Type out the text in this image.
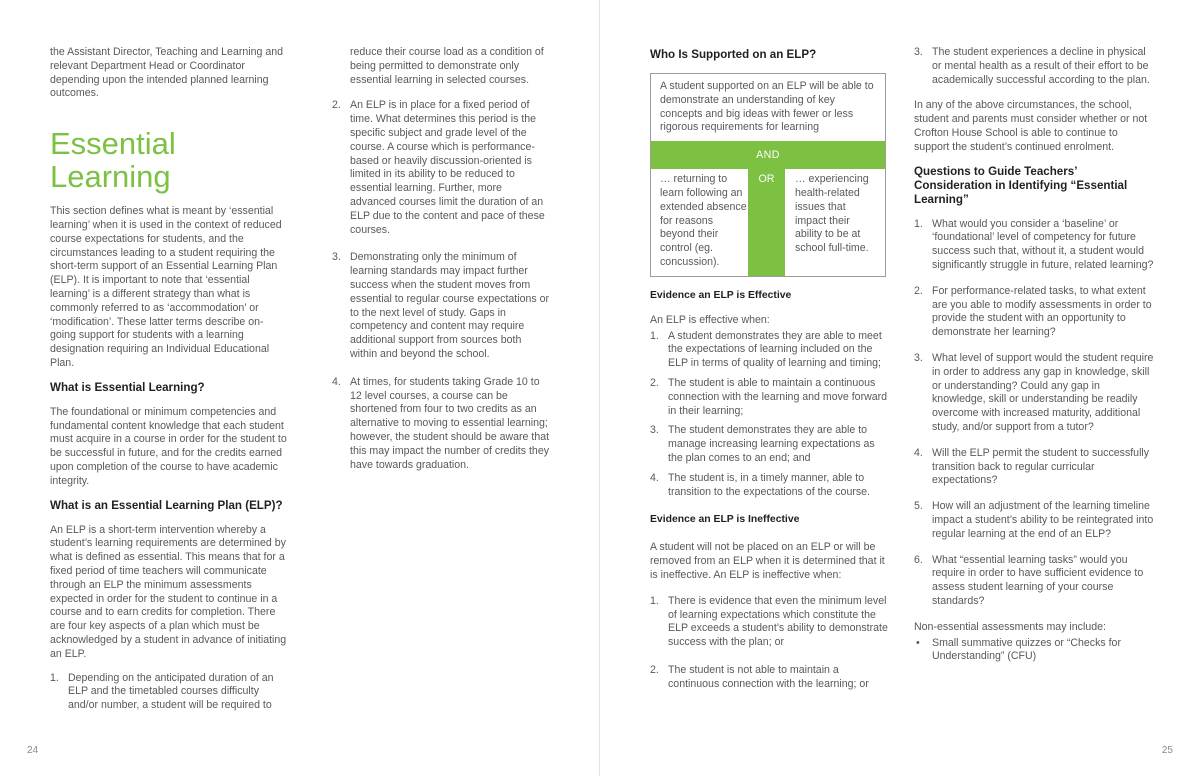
the Assistant Director, Teaching and Learning and relevant Department Head or Coordinator depending upon the intended planned learning outcomes.

Essential
Learning

This section defines what is meant by ‘essential learning’ when it is used in the context of reduced course expectations for students, and the circumstances leading to a student requiring the short-term support of an Essential Learning Plan (ELP). It is important to note that ‘essential learning’ is a different strategy than what is commonly referred to as ‘accommodation’ or ‘modification’. These latter terms describe on-going support for students with a learning designation requiring an Individual Educational Plan.

What is Essential Learning?

The foundational or minimum competencies and fundamental content knowledge that each student must acquire in a course in order for the student to be successful in future, and for the credits earned upon completion of the course to have academic integrity.

What is an Essential Learning Plan (ELP)?

An ELP is a short-term intervention whereby a student’s learning requirements are determined by what is defined as essential. This means that for a fixed period of time teachers will communicate through an ELP the minimum assessments expected in order for the student to continue in a course and to earn credits for completion. There are four key aspects of a plan which must be acknowledged by a student in advance of initiating an ELP.

1. Depending on the anticipated duration of an ELP and the timetabled courses difficulty and/or number, a student will be required to

reduce their course load as a condition of being permitted to demonstrate only essential learning in selected courses.

2. An ELP is in place for a fixed period of time. What determines this period is the specific subject and grade level of the course. A course which is performance-based or heavily discussion-oriented is limited in its ability to be reduced to essential learning. Further, more advanced courses limit the duration of an ELP due to the content and pace of these courses.
3. Demonstrating only the minimum of learning standards may impact further success when the student moves from essential to regular course expectations or to the next level of study. Gaps in competency and content may require additional support from sources both within and beyond the school.
4. At times, for students taking Grade 10 to 12 level courses, a course can be shortened from four to two credits as an alternative to moving to essential learning; however, the student should be aware that this may impact the number of credits they have towards graduation.
24
Who Is Supported on an ELP?
A student supported on an ELP will be able to demonstrate an understanding of key concepts and big ideas with fewer or less rigorous requirements for learning
AND
… returning to learn following an extended absence for reasons beyond their control (eg. concussion).
OR	… experiencing health-related issues that impact their ability to be at school full-time.
Evidence an ELP is Effective

An ELP is effective when:

1. A student demonstrates they are able to meet the expectations of learning included on the ELP in terms of quality of learning and timing;
2. The student is able to maintain a continuous connection with the learning and move forward in their learning;
3. The student demonstrates they are able to manage increasing learning expectations as the plan comes to an end; and
4. The student is, in a timely manner, able to transition to the expectations of the course.
Evidence an ELP is Ineffective

A student will not be placed on an ELP or will be removed from an ELP when it is determined that it is ineffective. An ELP is ineffective when:

1. There is evidence that even the minimum level of learning expectations which constitute the ELP exceeds a student’s ability to demonstrate success with the plan; or
2. The student is not able to maintain a continuous connection with the learning; or
3. The student experiences a decline in physical or mental health as a result of their effort to be academically successful according to the plan.

In any of the above circumstances, the school, student and parents must consider whether or not Crofton House School is able to continue to support the student’s continued enrolment.

Questions to Guide Teachers’ Consideration in Identifying “Essential Learning”
1. What would you consider a ‘baseline’ or ‘foundational’ level of competency for future success such that, without it, a student would significantly struggle in future, related learning?
2. For performance-related tasks, to what extent are you able to modify assessments in order to provide the student with an opportunity to demonstrate her learning?
3. What level of support would the student require in order to address any gap in knowledge, skill or understanding? Could any gap in knowledge, skill or understanding be readily overcome with increased maturity, additional study, and/or support from a tutor?
4. Will the ELP permit the student to successfully transition back to regular curricular expectations?
5. How will an adjustment of the learning timeline impact a student’s ability to be reintegrated into regular learning at the end of an ELP?
6. What “essential learning tasks” would you require in order to have sufficient evidence to assess student learning of your course standards?

Non-essential assessments may include:

• Small summative quizzes or “Checks for Understanding” (CFU)
25
